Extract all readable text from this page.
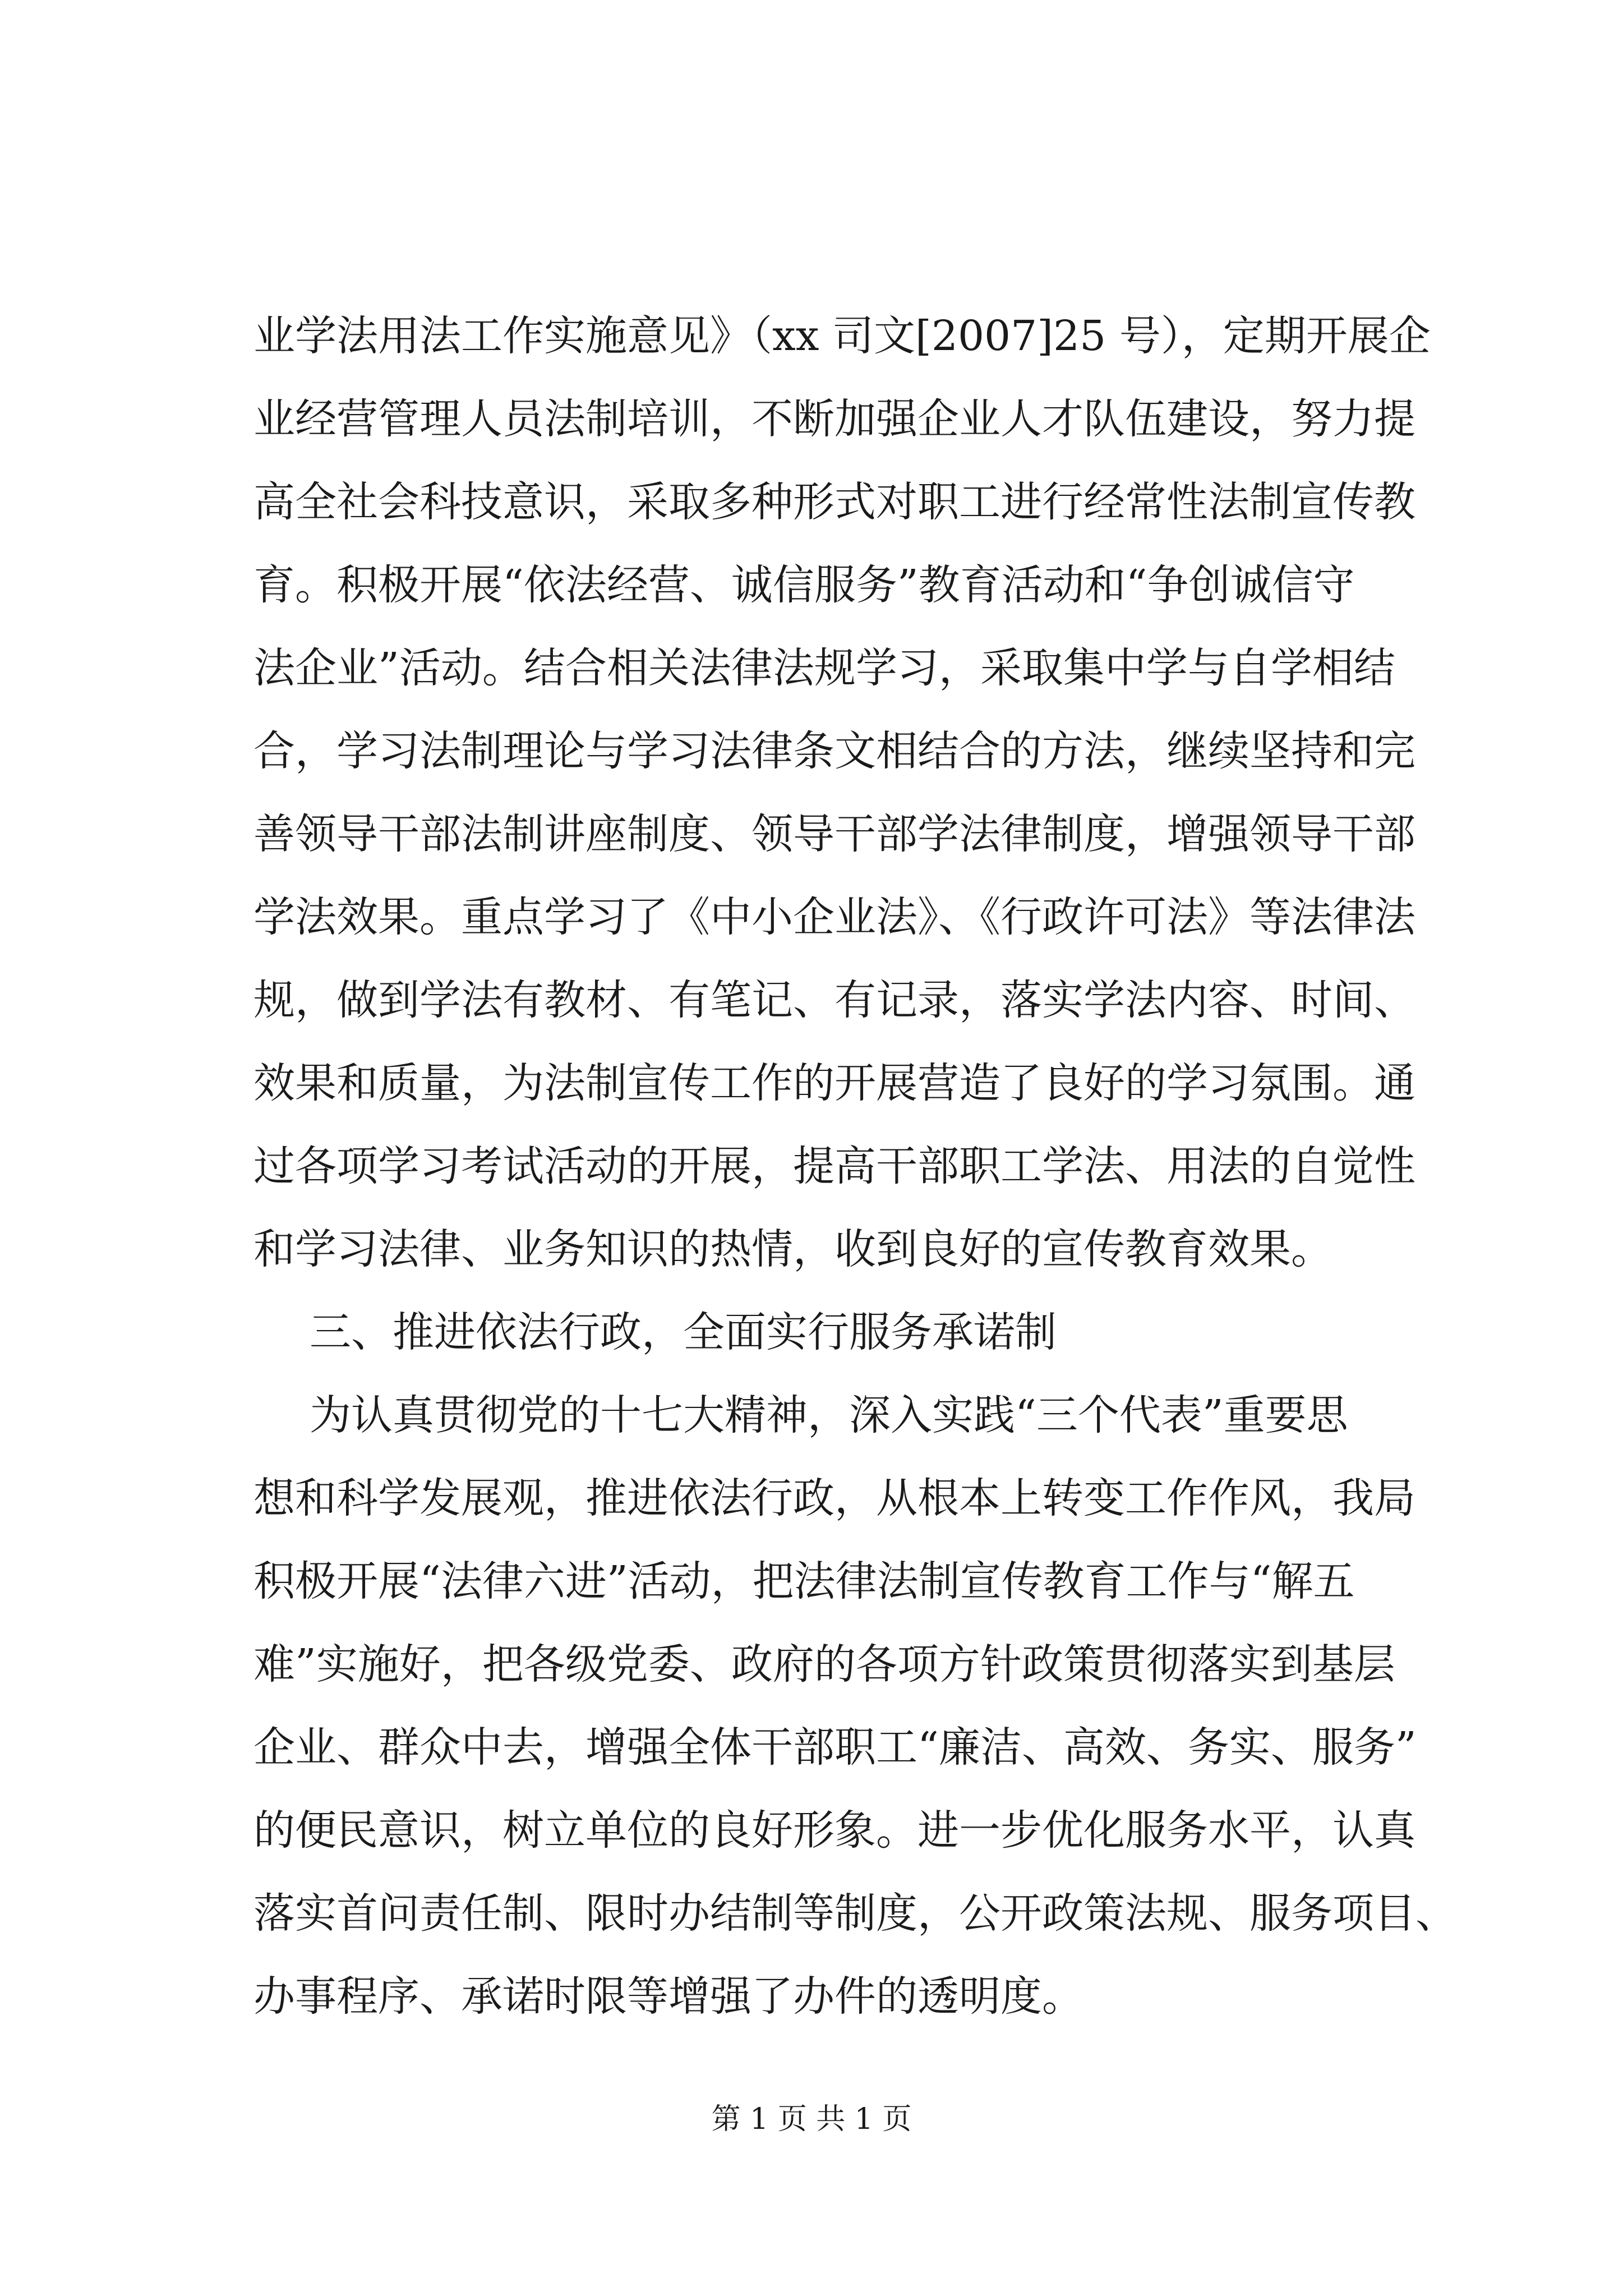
业学法用法工作实施意见》（xx 司文[2007]25 号），定期开展企
业经营管理人员法制培训，不断加强企业人才队伍建设，努力提
高全社会科技意识，采取多种形式对职工进行经常性法制宣传教
育。积极开展“依法经营、诚信服务”教育活动和“争创诚信守
法企业”活动。结合相关法律法规学习，采取集中学与自学相结
合，学习法制理论与学习法律条文相结合的方法，继续坚持和完
善领导干部法制讲座制度、领导干部学法律制度，增强领导干部
学法效果。重点学习了《中小企业法》、《行政许可法》等法律法
规，做到学法有教材、有笔记、有记录，落实学法内容、时间、
效果和质量，为法制宣传工作的开展营造了良好的学习氛围。通
过各项学习考试活动的开展，提高干部职工学法、用法的自觉性
和学习法律、业务知识的热情，收到良好的宣传教育效果。
三、推进依法行政，全面实行服务承诺制
为认真贯彻党的十七大精神，深入实践“三个代表”重要思
想和科学发展观，推进依法行政，从根本上转变工作作风，我局
积极开展“法律六进”活动，把法律法制宣传教育工作与“解五
难”实施好，把各级党委、政府的各项方针政策贯彻落实到基层
企业、群众中去，增强全体干部职工“廉洁、高效、务实、服务”
的便民意识，树立单位的良好形象。进一步优化服务水平，认真
落实首问责任制、限时办结制等制度，公开政策法规、服务项目、
办事程序、承诺时限等增强了办件的透明度。
第 1 页 共 1 页
